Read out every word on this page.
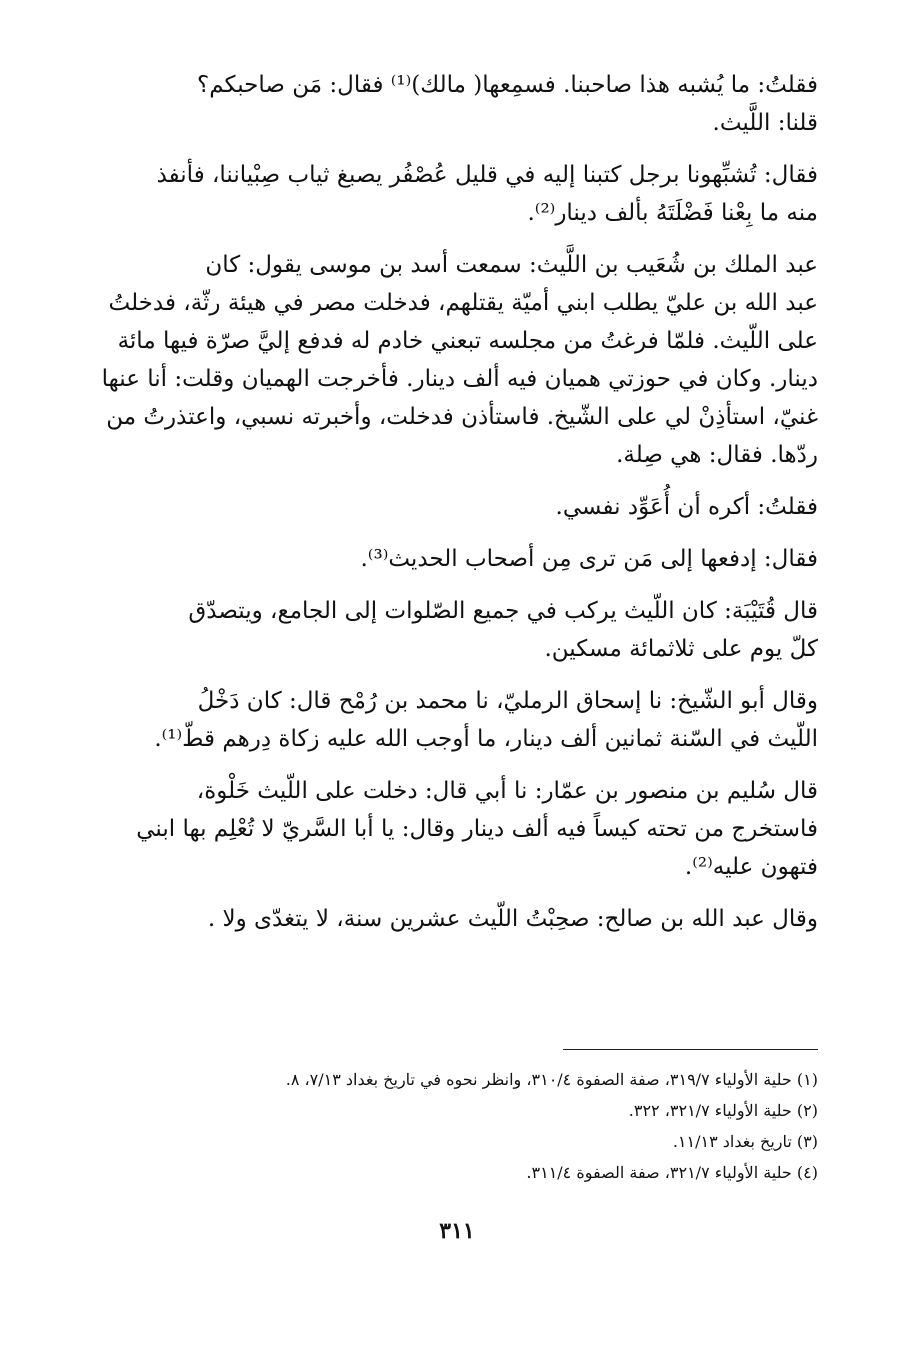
فقلتُ: ما يُشبه هذا صاحبنا. فسمِعها( مالك)⁽¹⁾ فقال: مَن صاحبكم؟
قلنا: اللَّيث.

فقال: تُشبِّهونا برجل كتبنا إليه في قليل عُصْفُر يصبغ ثياب صِبْياننا، فأنفذ
منه ما بِعْنا فَضْلَتَهُ بألف دينار⁽²⁾.

عبد الملك بن شُعَيب بن اللَّيث: سمعت أسد بن موسى يقول: كان
عبد الله بن عليّ يطلب ابني أميّة يقتلهم، فدخلت مصر في هيئة رثّة، فدخلتُ
على اللّيث. فلمّا فرغتُ من مجلسه تبعني خادم له فدفع إليَّ صرّة فيها مائة
دينار. وكان في حوزتي هميان فيه ألف دينار. فأخرجت الهميان وقلت: أنا عنها
غنيّ، استأذِنْ لي على الشّيخ. فاستأذن فدخلت، وأخبرته نسبي، واعتذرتُ من
ردّها. فقال: هي صِلة.

فقلتُ: أكره أن أُعَوِّد نفسي.

فقال: إدفعها إلى مَن ترى مِن أصحاب الحديث⁽³⁾.

قال قُتَيْبَة: كان اللّيث يركب في جميع الصّلوات إلى الجامع، ويتصدّق
كلّ يوم على ثلاثمائة مسكين.

وقال أبو الشّيخ: نا إسحاق الرمليّ، نا محمد بن رُمْح قال: كان دَخْلُ
اللّيث في السّنة ثمانين ألف دينار، ما أوجب الله عليه زكاة دِرهم قطّ⁽¹⁾.

قال سُليم بن منصور بن عمّار: نا أبي قال: دخلت على اللّيث خَلْوة،
فاستخرج من تحته كيساً فيه ألف دينار وقال: يا أبا السَّريّ لا تُعْلِم بها ابني
فتهون عليه⁽²⁾.

وقال عبد الله بن صالح: صحِبْتُ اللّيث عشرين سنة، لا يتغدّى ولا .

(١) حلية الأولياء ٣١٩/٧، صفة الصفوة ٣١٠/٤، وانظر نحوه في تاريخ بغداد ٧/١٣، ٨.
(٢) حلية الأولياء ٣٢١/٧، ٣٢٢.
(٣) تاريخ بغداد ١١/١٣.
(٤) حلية الأولياء ٣٢١/٧، صفة الصفوة ٣١١/٤.
٣١١
